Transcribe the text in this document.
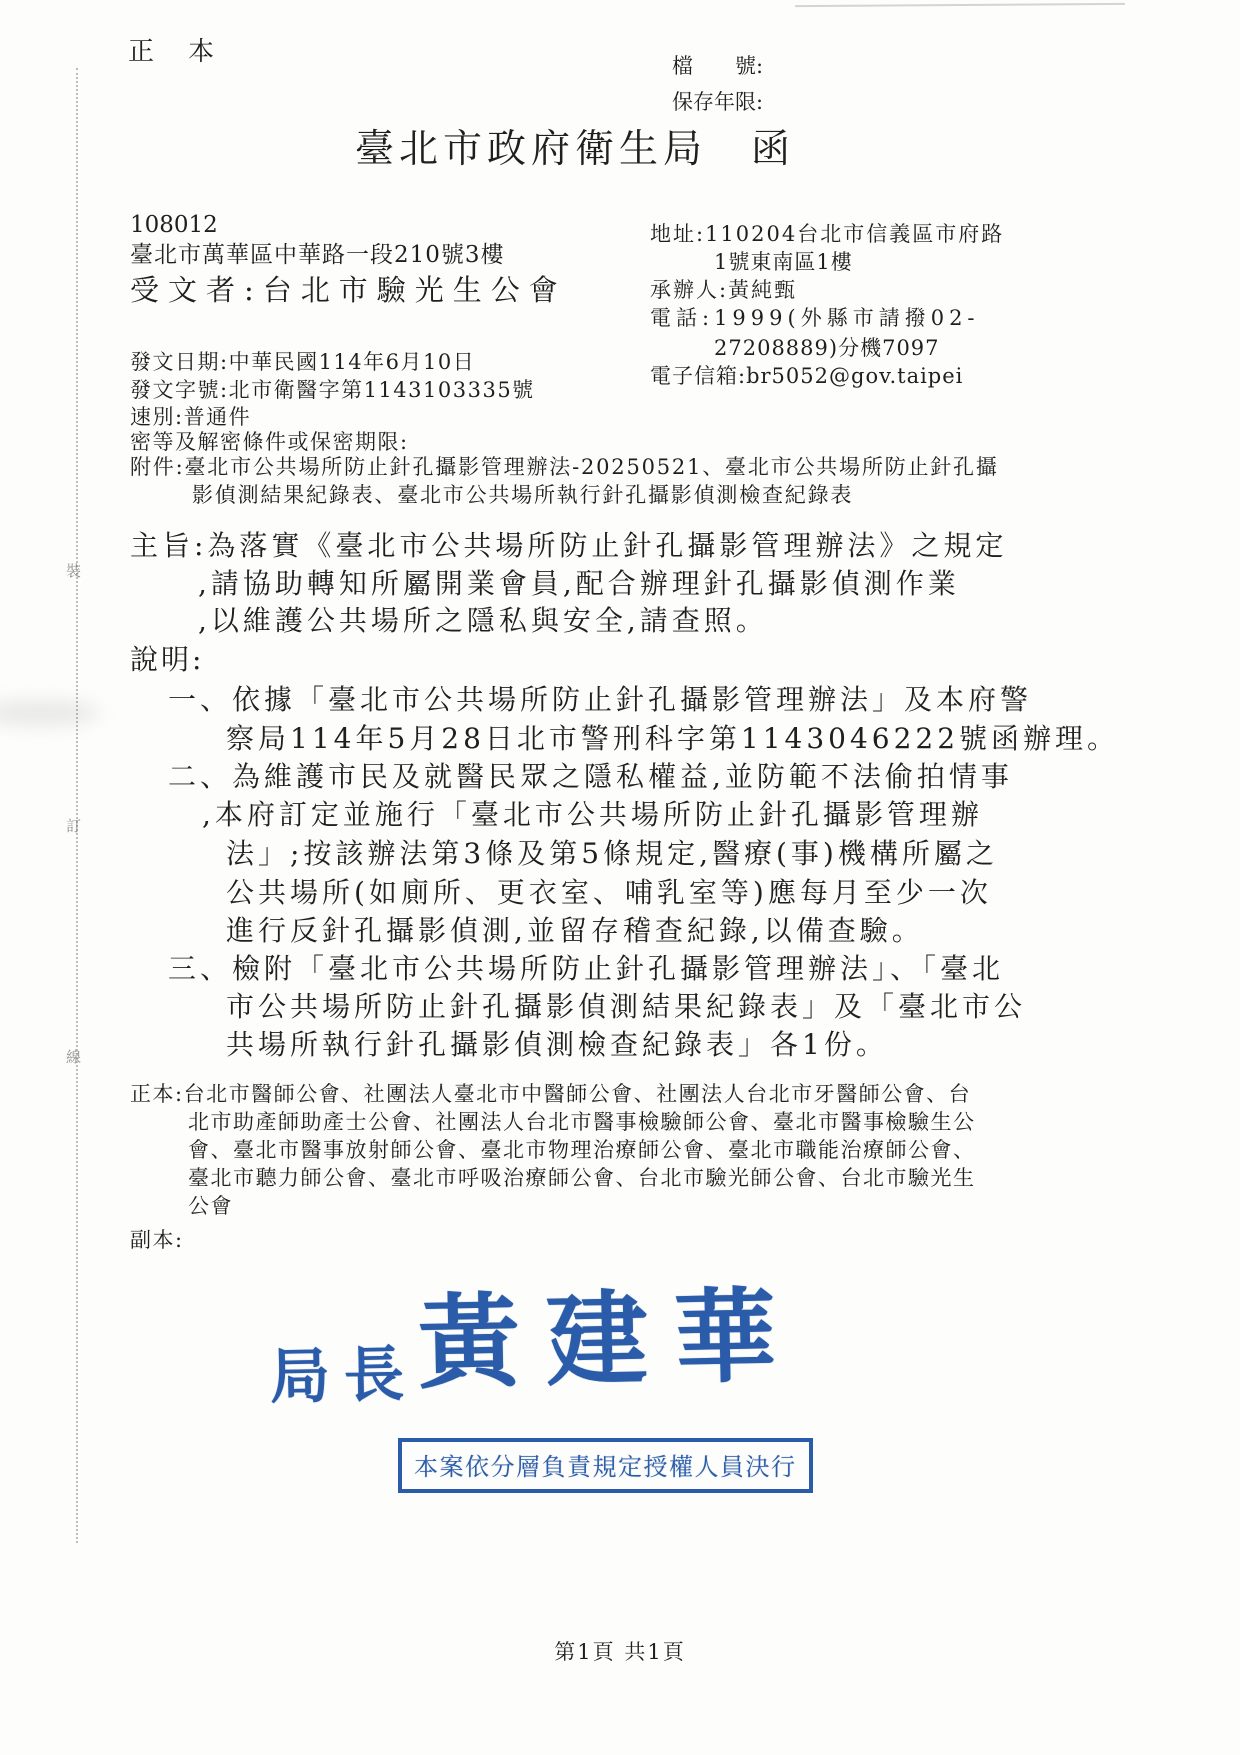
裝
訂
線
正　本	檔　　號:
保存年限:
臺北市政府衛生局　函
108012
臺北市萬華區中華路一段210號3樓
受文者:台北市驗光生公會
地址:110204台北市信義區市府路
1號東南區1樓
承辦人:黃純甄
電話:1999(外縣市請撥02-
27208889)分機7097
電子信箱:br5052@gov.taipei
發文日期:中華民國114年6月10日
發文字號:北市衛醫字第1143103335號
速別:普通件
密等及解密條件或保密期限:
附件:臺北市公共場所防止針孔攝影管理辦法-20250521、臺北市公共場所防止針孔攝
影偵測結果紀錄表、臺北市公共場所執行針孔攝影偵測檢查紀錄表
主旨:為落實《臺北市公共場所防止針孔攝影管理辦法》之規定
,請協助轉知所屬開業會員,配合辦理針孔攝影偵測作業
,以維護公共場所之隱私與安全,請查照。
說明:
一、依據「臺北市公共場所防止針孔攝影管理辦法」及本府警
察局114年5月28日北市警刑科字第1143046222號函辦理。
二、為維護市民及就醫民眾之隱私權益,並防範不法偷拍情事
,本府訂定並施行「臺北市公共場所防止針孔攝影管理辦
法」;按該辦法第3條及第5條規定,醫療(事)機構所屬之
公共場所(如廁所、更衣室、哺乳室等)應每月至少一次
進行反針孔攝影偵測,並留存稽查紀錄,以備查驗。
三、檢附「臺北市公共場所防止針孔攝影管理辦法」、「臺北
市公共場所防止針孔攝影偵測結果紀錄表」及「臺北市公
共場所執行針孔攝影偵測檢查紀錄表」各1份。
正本:台北市醫師公會、社團法人臺北市中醫師公會、社團法人台北市牙醫師公會、台
北市助產師助產士公會、社團法人台北市醫事檢驗師公會、臺北市醫事檢驗生公
會、臺北市醫事放射師公會、臺北市物理治療師公會、臺北市職能治療師公會、
臺北市聽力師公會、臺北市呼吸治療師公會、台北市驗光師公會、台北市驗光生
公會
副本:
局長
黃建華
本案依分層負責規定授權人員決行
第1頁 共1頁
